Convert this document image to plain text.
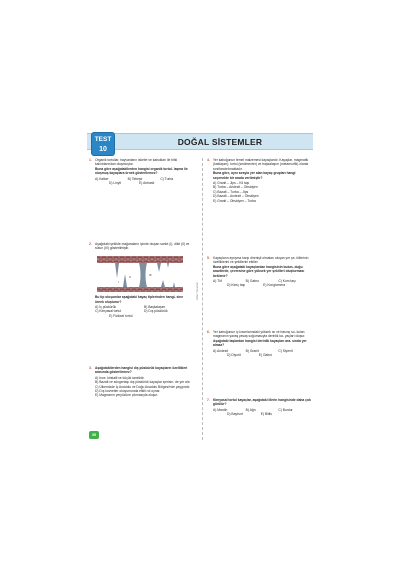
TEST
10
DOĞAL SİSTEMLER
Zafer Yayınları
1. Organik tortullar, hayvanların iskelet ve kabukları ile bitki kalıntılarından oluşmuştur.
Buna göre aşağıdakilerden hangisi organik tortul- laşma ile oluşmuş kayaçlara örnek gösterilemez?
A) Kalker	B) Tebeşir	C) Turba
D) Linyit	E) Antrasit
2. Aşağıdaki şekilde mağaraların içinde oluşan sarkıt (I), dikit (II) ve sütun (III) gösterilmiştir.
I
II	III
Bu tip oluşumlar aşağıdaki kayaç tiplerinden hangi- sine örnek oluşturur?
A) İç püskürük	B) Başkalaşım
C) Kimyasal tortul	D) Dış püskürük
E) Fiziksel tortul
3. Aşağıdakilerden hangisi dış püskürük kayaçların özellikleri arasında gösterilemez?
A) İnce, kristalli ve küçük tanelidir.
B) Bazalt ve süngertaşı dış püskürük kayaçlar içerisin- de yer alır.
C) Ülkemizde İç Anadolu ve Doğu Anadolu Bölgesi'nde yaygındır.
D) Dış kuvvetler okuyumunda etkili rol oynar.
E) Magmanın yeryüzüne çıkmasıyla oluşur.
4. Yer kabuğunun temel malzemesi kayaçlardır. Kayaçlar, magmatik (katılaşım), tortul (sedimenter) ve başkalaşım (metamorfik) olarak sınıflandırılmaktadır.
Buna göre, aynı sırayla yer alan kayaç grupları hangi seçenekte bir arada verilmiştir?
A) Granit – Jips – Kil taşı
B) Turba – Andezit – Obsidyen
C) Bazalt – Turba – Jips
D) Bazalt – Andezit – Obsidyen
E) Granit – Obsidyen – Turba
5. Kayaçların ayrışma karşı direnişli olmaları oluşan yer şe- killerinin özelliklerini ve şekillerini etkiler.
Buna göre aşağıdaki kayaçlardan hangisinin bulun- duğu arazilerde, çevresine göre yüksek yer şekilleri oluşturması beklenir?
A) Tüf	B) Gabro	C) Kum taşı
D) Kireç taşı	E) Konglomera
6. Yer kabuğunun iç kısımlarındaki yüksek ısı ve basınç so- kulan magmanın yavaş yavaş soğumasıyla derinlik ka- yaçları oluşur.
Aşağıdaki taşlardan hangisi derinlik kayaçları ara- sında yer almaz?
A) Andezit	B) Granit	C) Siyenit
D) Diyorit	E) Gabro
7. Kimyasal tortul kayaçlar, aşağıdaki illerin hangisinde daha çok görülür?
A) Mardin	B) Ağrı	C) Burdur
D) Bayburt	E) Bitlis
35
